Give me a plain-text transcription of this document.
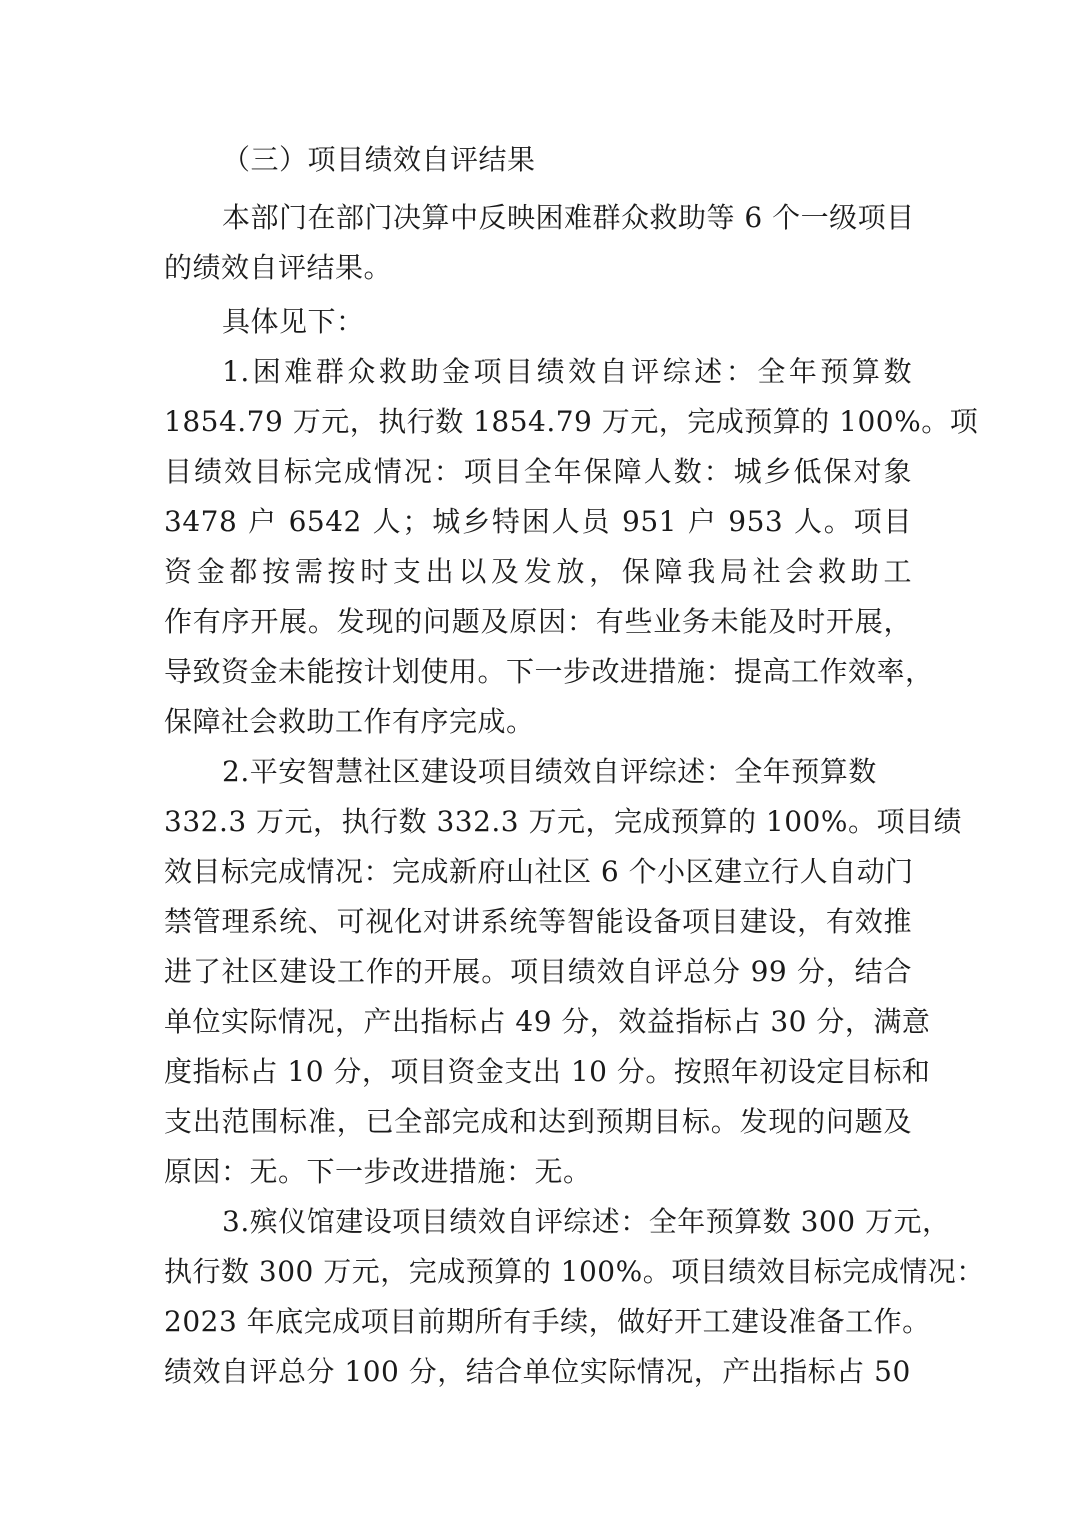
（三）项目绩效自评结果
本部门在部门决算中反映困难群众救助等 6 个一级项目
的绩效自评结果。
具体见下：
1.困难群众救助金项目绩效自评综述：全年预算数
1854.79 万元，执行数 1854.79 万元，完成预算的 100%。项
目绩效目标完成情况：项目全年保障人数：城乡低保对象
3478 户 6542 人；城乡特困人员 951 户 953 人。项目
资金都按需按时支出以及发放，保障我局社会救助工
作有序开展。发现的问题及原因：有些业务未能及时开展，
导致资金未能按计划使用。下一步改进措施：提高工作效率，
保障社会救助工作有序完成。
2.平安智慧社区建设项目绩效自评综述：全年预算数
332.3 万元，执行数 332.3 万元，完成预算的 100%。项目绩
效目标完成情况：完成新府山社区 6 个小区建立行人自动门
禁管理系统、可视化对讲系统等智能设备项目建设，有效推
进了社区建设工作的开展。项目绩效自评总分 99 分，结合
单位实际情况，产出指标占 49 分，效益指标占 30 分，满意
度指标占 10 分，项目资金支出 10 分。按照年初设定目标和
支出范围标准，已全部完成和达到预期目标。发现的问题及
原因：无。下一步改进措施：无。
3.殡仪馆建设项目绩效自评综述：全年预算数 300 万元，
执行数 300 万元，完成预算的 100%。项目绩效目标完成情况：
2023 年底完成项目前期所有手续，做好开工建设准备工作。
绩效自评总分 100 分，结合单位实际情况，产出指标占 50
